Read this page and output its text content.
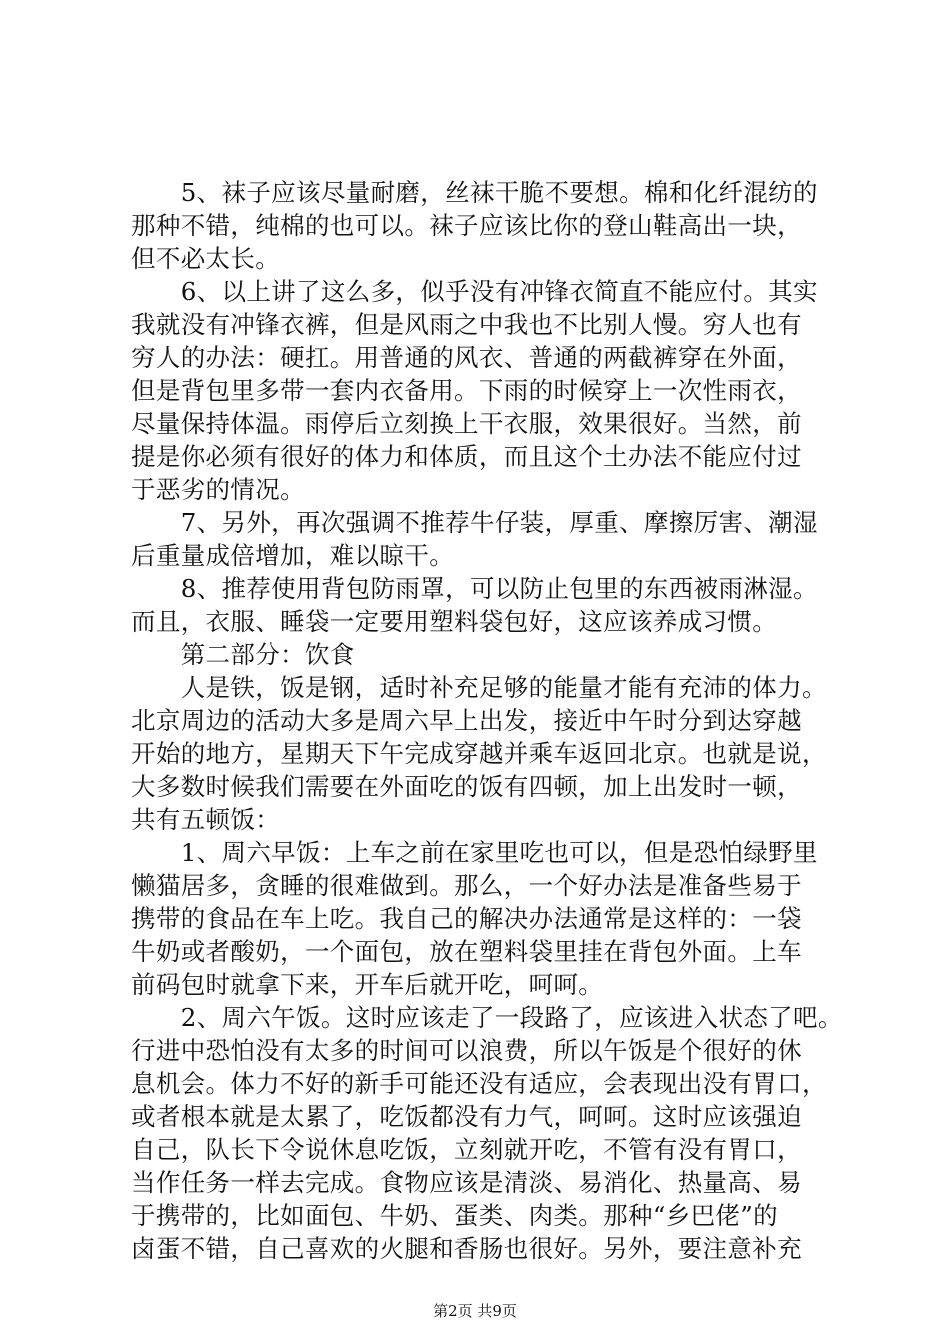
　　5、袜子应该尽量耐磨，丝袜干脆不要想。棉和化纤混纺的
那种不错，纯棉的也可以。袜子应该比你的登山鞋高出一块，
但不必太长。
　　6、以上讲了这么多，似乎没有冲锋衣简直不能应付。其实
我就没有冲锋衣裤，但是风雨之中我也不比别人慢。穷人也有
穷人的办法：硬扛。用普通的风衣、普通的两截裤穿在外面，
但是背包里多带一套内衣备用。下雨的时候穿上一次性雨衣，
尽量保持体温。雨停后立刻换上干衣服，效果很好。当然，前
提是你必须有很好的体力和体质，而且这个土办法不能应付过
于恶劣的情况。
　　7、另外，再次强调不推荐牛仔装，厚重、摩擦厉害、潮湿
后重量成倍增加，难以晾干。
　　8、推荐使用背包防雨罩，可以防止包里的东西被雨淋湿。
而且，衣服、睡袋一定要用塑料袋包好，这应该养成习惯。
　　第二部分：饮食
　　人是铁，饭是钢，适时补充足够的能量才能有充沛的体力。
北京周边的活动大多是周六早上出发，接近中午时分到达穿越
开始的地方，星期天下午完成穿越并乘车返回北京。也就是说，
大多数时候我们需要在外面吃的饭有四顿，加上出发时一顿，
共有五顿饭：
　　1、周六早饭：上车之前在家里吃也可以，但是恐怕绿野里
懒猫居多，贪睡的很难做到。那么，一个好办法是准备些易于
携带的食品在车上吃。我自己的解决办法通常是这样的：一袋
牛奶或者酸奶，一个面包，放在塑料袋里挂在背包外面。上车
前码包时就拿下来，开车后就开吃，呵呵。
　　2、周六午饭。这时应该走了一段路了，应该进入状态了吧。
行进中恐怕没有太多的时间可以浪费，所以午饭是个很好的休
息机会。体力不好的新手可能还没有适应，会表现出没有胃口，
或者根本就是太累了，吃饭都没有力气，呵呵。这时应该强迫
自己，队长下令说休息吃饭，立刻就开吃，不管有没有胃口，
当作任务一样去完成。食物应该是清淡、易消化、热量高、易
于携带的，比如面包、牛奶、蛋类、肉类。那种“乡巴佬”的
卤蛋不错，自己喜欢的火腿和香肠也很好。另外，要注意补充
第2页 共9页
